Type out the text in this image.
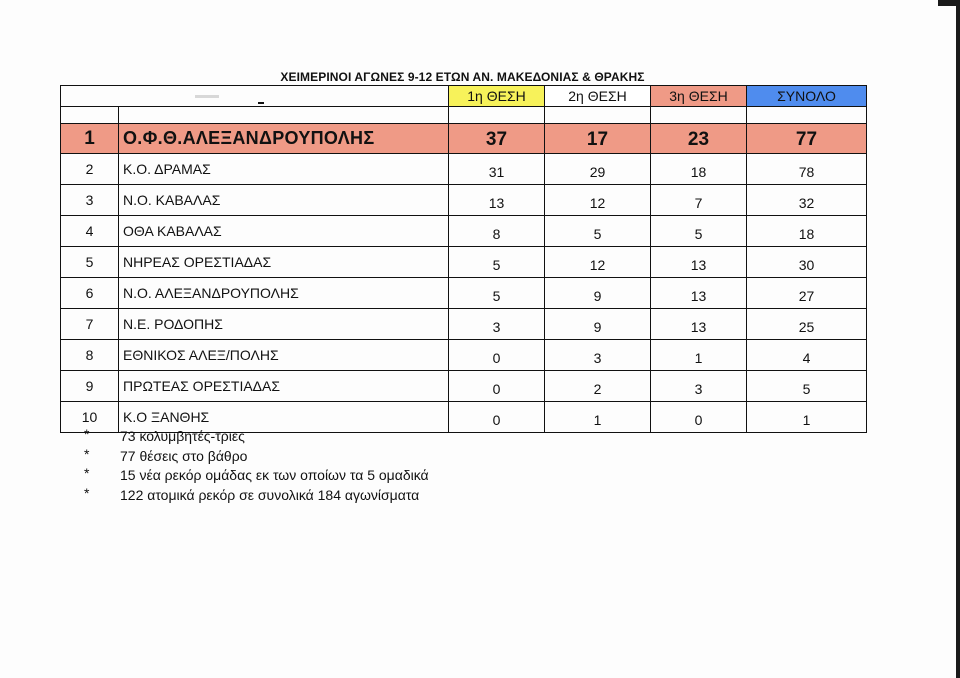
ΧΕΙΜΕΡΙΝΟΙ ΑΓΩΝΕΣ 9-12 ΕΤΩΝ ΑΝ. ΜΑΚΕΔΟΝΙΑΣ & ΘΡΑΚΗΣ
		1η ΘΕΣΗ	2η ΘΕΣΗ	3η ΘΕΣΗ	ΣΥΝΟΛΟ

1	Ο.Φ.Θ.ΑΛΕΞΑΝΔΡΟΥΠΟΛΗΣ	37	17	23	77
2	Κ.Ο. ΔΡΑΜΑΣ	31	29	18	78
3	Ν.Ο. ΚΑΒΑΛΑΣ	13	12	7	32
4	ΟΘΑ ΚΑΒΑΛΑΣ	8	5	5	18
5	ΝΗΡΕΑΣ ΟΡΕΣΤΙΑΔΑΣ	5	12	13	30
6	Ν.Ο. ΑΛΕΞΑΝΔΡΟΥΠΟΛΗΣ	5	9	13	27
7	Ν.Ε. ΡΟΔΟΠΗΣ	3	9	13	25
8	ΕΘΝΙΚΟΣ ΑΛΕΞ/ΠΟΛΗΣ	0	3	1	4
9	ΠΡΩΤΕΑΣ ΟΡΕΣΤΙΑΔΑΣ	0	2	3	5
10	Κ.Ο ΞΑΝΘΗΣ	0	1	0	1
* 73 κολυμβητές-τριες
* 77 θέσεις στο βάθρο
* 15 νέα ρεκόρ ομάδας εκ των οποίων τα 5 ομαδικά
* 122 ατομικά ρεκόρ σε συνολικά 184 αγωνίσματα
